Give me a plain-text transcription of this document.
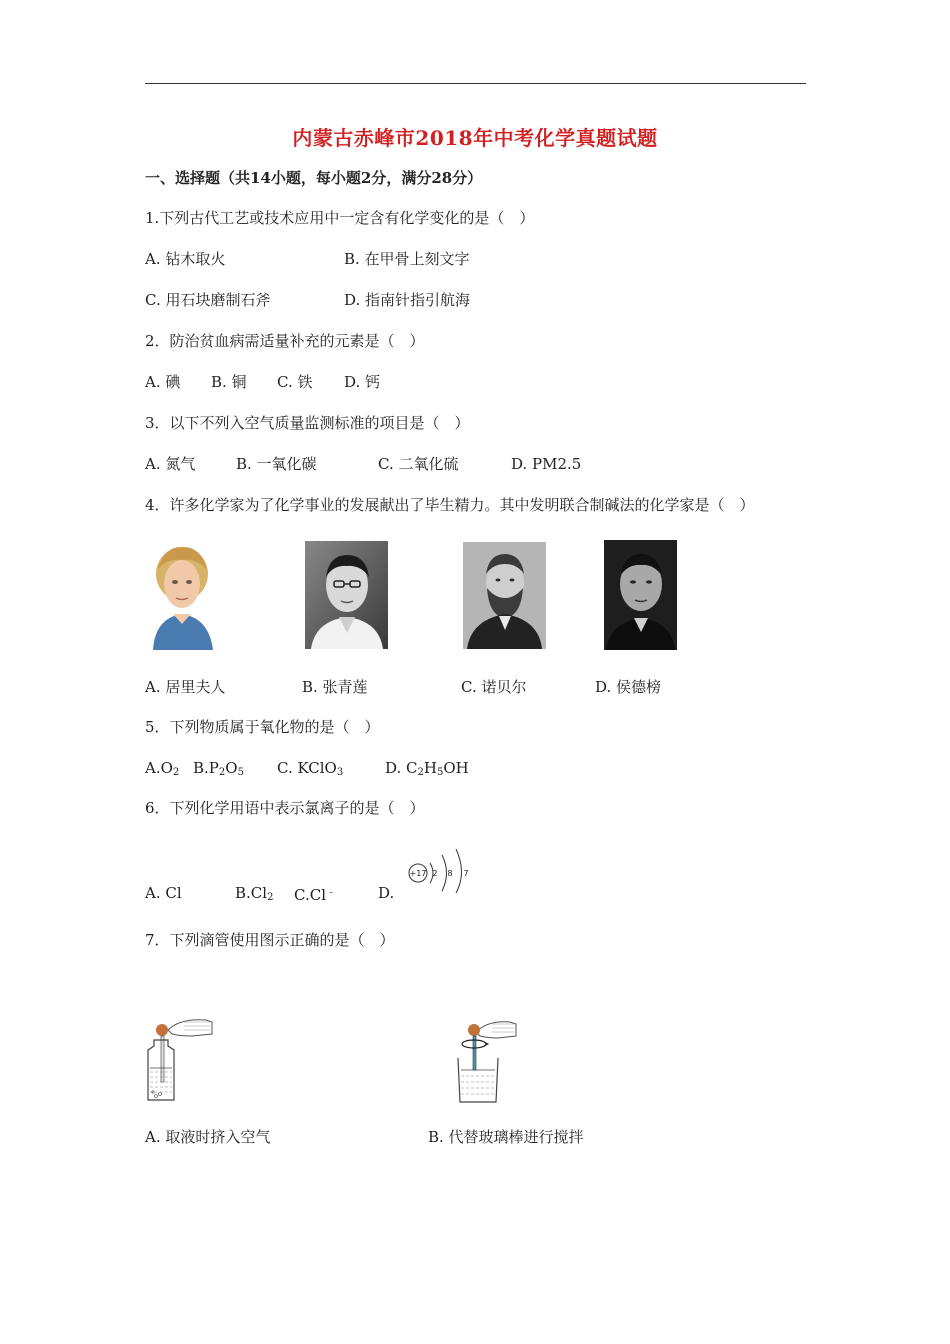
内蒙古赤峰市2018年中考化学真题试题
一、选择题（共14小题，每小题2分，满分28分）
1.下列古代工艺或技术应用中一定含有化学变化的是（　）
A. 钻木取火	B. 在甲骨上刻文字
C. 用石块磨制石斧	D. 指南针指引航海
2．防治贫血病需适量补充的元素是（　）
A. 碘 B. 铜 C. 铁 D. 钙
3．以下不列入空气质量监测标准的项目是（　）
A. 氮气	B. 一氧化碳	C. 二氧化硫	D. PM2.5
4．许多化学家为了化学事业的发展献出了毕生精力。其中发明联合制碱法的化学家是（　）
A. 居里夫人	B. 张青莲	C. 诺贝尔	D. 侯德榜
5．下列物质属于氧化物的是（　）
$A.O_2$ $B.P_2O_5$ C. KClO$_3$	D. $C_2H_5OH$
6．下列化学用语中表示氯离子的是（　）
A. Cl	$B.Cl_2$ C.Cl﹣	D.
+17 2 8 7
7．下列滴管使用图示正确的是（　）
A. 取液时挤入空气	B. 代替玻璃棒进行搅拌
